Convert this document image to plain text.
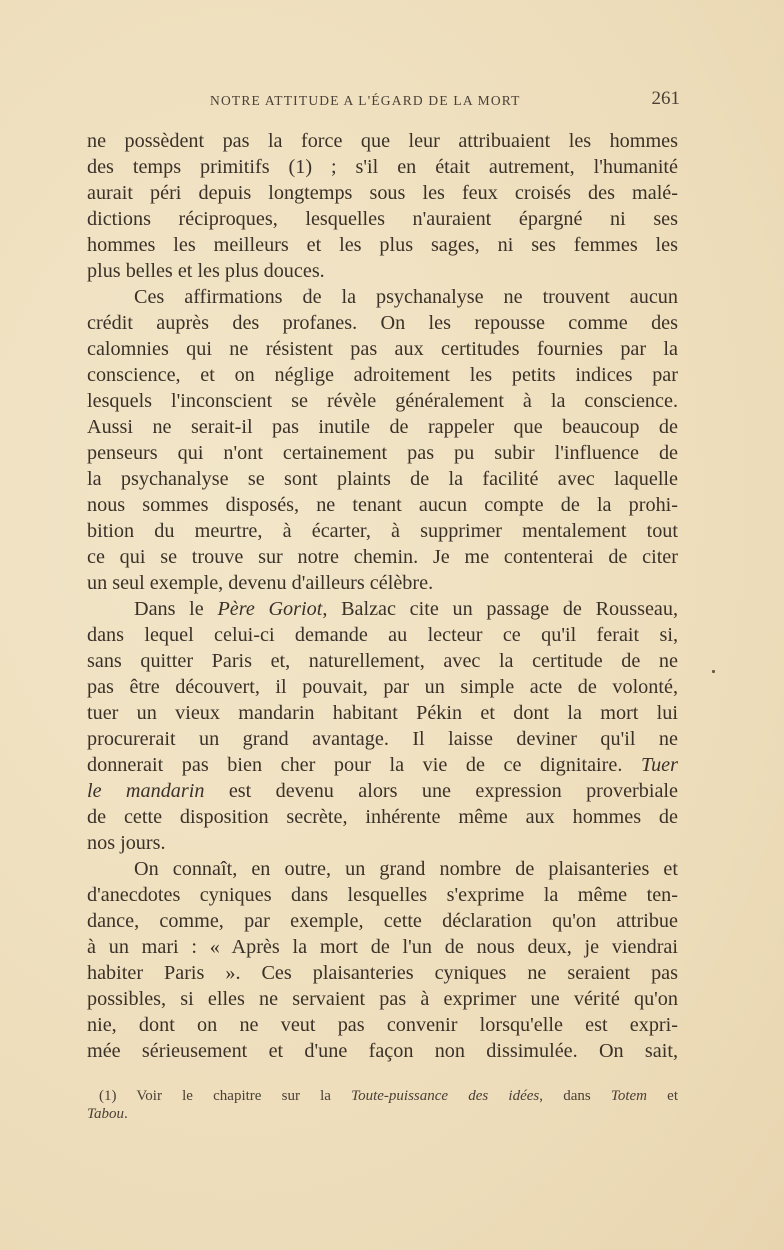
NOTRE ATTITUDE A L'ÉGARD DE LA MORT	261
ne possèdent pas la force que leur attribuaient les hommes
des temps primitifs (1) ; s'il en était autrement, l'humanité
aurait péri depuis longtemps sous les feux croisés des malé-
dictions réciproques, lesquelles n'auraient épargné ni ses
hommes les meilleurs et les plus sages, ni ses femmes les
plus belles et les plus douces.
Ces affirmations de la psychanalyse ne trouvent aucun
crédit auprès des profanes. On les repousse comme des
calomnies qui ne résistent pas aux certitudes fournies par la
conscience, et on néglige adroitement les petits indices par
lesquels l'inconscient se révèle généralement à la conscience.
Aussi ne serait-il pas inutile de rappeler que beaucoup de
penseurs qui n'ont certainement pas pu subir l'influence de
la psychanalyse se sont plaints de la facilité avec laquelle
nous sommes disposés, ne tenant aucun compte de la prohi-
bition du meurtre, à écarter, à supprimer mentalement tout
ce qui se trouve sur notre chemin. Je me contenterai de citer
un seul exemple, devenu d'ailleurs célèbre.
Dans le Père Goriot, Balzac cite un passage de Rousseau,
dans lequel celui-ci demande au lecteur ce qu'il ferait si,
sans quitter Paris et, naturellement, avec la certitude de ne
pas être découvert, il pouvait, par un simple acte de volonté,
tuer un vieux mandarin habitant Pékin et dont la mort lui
procurerait un grand avantage. Il laisse deviner qu'il ne
donnerait pas bien cher pour la vie de ce dignitaire. Tuer
le mandarin est devenu alors une expression proverbiale
de cette disposition secrète, inhérente même aux hommes de
nos jours.
On connaît, en outre, un grand nombre de plaisanteries et
d'anecdotes cyniques dans lesquelles s'exprime la même ten-
dance, comme, par exemple, cette déclaration qu'on attribue
à un mari : « Après la mort de l'un de nous deux, je viendrai
habiter Paris ». Ces plaisanteries cyniques ne seraient pas
possibles, si elles ne servaient pas à exprimer une vérité qu'on
nie, dont on ne veut pas convenir lorsqu'elle est expri-
mée sérieusement et d'une façon non dissimulée. On sait,
(1) Voir le chapitre sur la Toute-puissance des idées, dans Totem et
Tabou.
